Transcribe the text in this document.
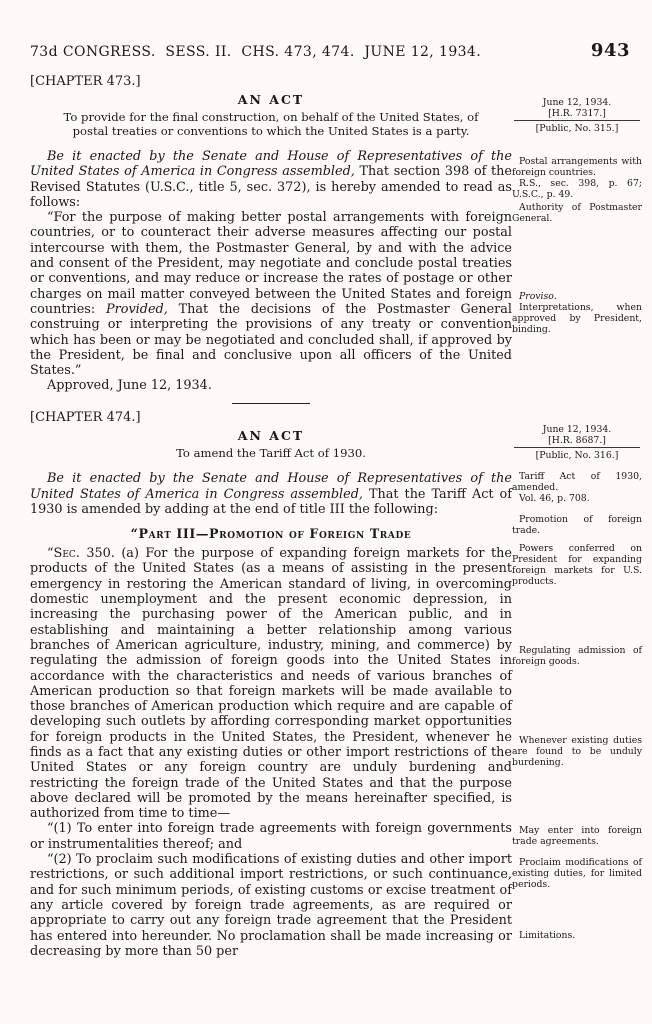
73d CONGRESS.  SESS. II.  CHS. 473, 474.  JUNE 12, 1934.	943
[CHAPTER 473.]
AN ACT
To provide for the final construction, on behalf of the United States, of postal treaties or conventions to which the United States is a party.

Be it enacted by the Senate and House of Representatives of the United States of America in Congress assembled, That section 398 of the Revised Statutes (U.S.C., title 5, sec. 372), is hereby amended to read as follows:

“For the purpose of making better postal arrangements with foreign countries, or to counteract their adverse measures affecting our postal intercourse with them, the Postmaster General, by and with the advice and consent of the President, may negotiate and conclude postal treaties or conventions, and may reduce or increase the rates of postage or other charges on mail matter conveyed between the United States and foreign countries: Provided, That the decisions of the Postmaster General construing or interpreting the provisions of any treaty or convention which has been or may be negotiated and concluded shall, if approved by the President, be final and conclusive upon all officers of the United States.”

Approved, June 12, 1934.

[CHAPTER 474.]
AN ACT
To amend the Tariff Act of 1930.

Be it enacted by the Senate and House of Representatives of the United States of America in Congress assembled, That the Tariff Act of 1930 is amended by adding at the end of title III the following:

“Part III—Promotion of Foreign Trade

“Sec. 350. (a) For the purpose of expanding foreign markets for the products of the United States (as a means of assisting in the present emergency in restoring the American standard of living, in overcoming domestic unemployment and the present economic depression, in increasing the purchasing power of the American public, and in establishing and maintaining a better relationship among various branches of American agriculture, industry, mining, and commerce) by regulating the admission of foreign goods into the United States in accordance with the characteristics and needs of various branches of American production so that foreign markets will be made available to those branches of American production which require and are capable of developing such outlets by affording corresponding market opportunities for foreign products in the United States, the President, whenever he finds as a fact that any existing duties or other import restrictions of the United States or any foreign country are unduly burdening and restricting the foreign trade of the United States and that the purpose above declared will be promoted by the means hereinafter specified, is authorized from time to time—

“(1) To enter into foreign trade agreements with foreign governments or instrumentalities thereof; and

“(2) To proclaim such modifications of existing duties and other import restrictions, or such additional import restrictions, or such continuance, and for such minimum periods, of existing customs or excise treatment of any article covered by foreign trade agreements, as are required or appropriate to carry out any foreign trade agreement that the President has entered into hereunder. No proclamation shall be made increasing or decreasing by more than 50 per

June 12, 1934.

[H.R. 7317.]

[Public, No. 315.]

Postal arrangements with foreign countries.

R.S., sec. 398, p. 67; U.S.C., p. 49.

Authority of Postmaster General.

Proviso.

Interpretations, when approved by President, binding.

June 12, 1934.

[H.R. 8687.]

[Public, No. 316.]

Tariff Act of 1930, amended.

Vol. 46, p. 708.

Promotion of foreign trade.

Powers conferred on President for expanding foreign markets for U.S. products.

Regulating admission of foreign goods.

Whenever existing duties are found to be unduly burdening.

May enter into foreign trade agreements.

Proclaim modifications of existing duties, for limited periods.

Limitations.
